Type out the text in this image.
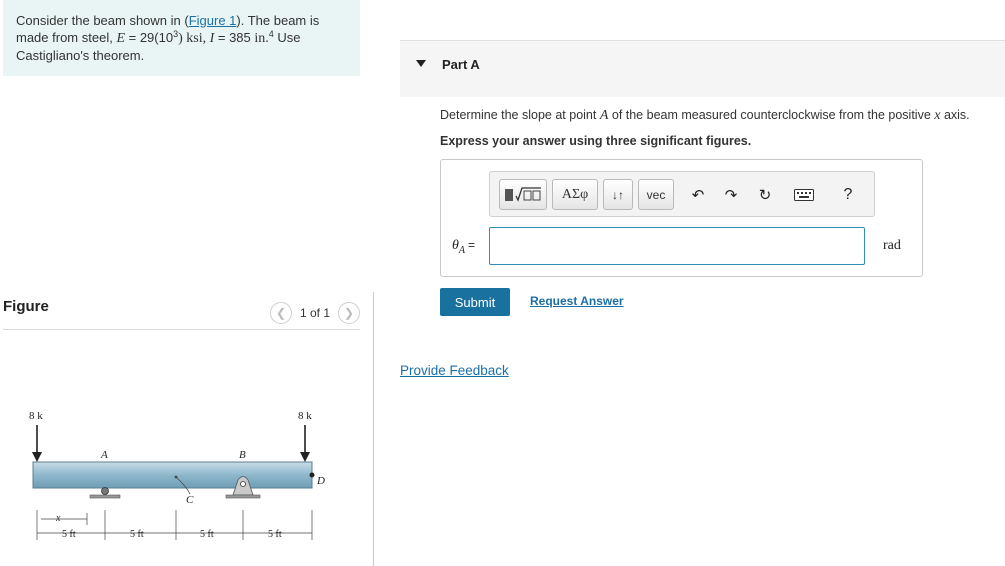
Consider the beam shown in (Figure 1). The beam is made from steel, $E = 29(10^3)$ ksi, I = 385 in.$^4$ Use Castigliano's theorem.
Figure	❮	1 of 1	❯
8 k	8 k
A	B
C
D
x
5 ft	5 ft	5 ft	5 ft
Part A
Determine the slope at point A of the beam measured counterclockwise from the positive x axis.
Express your answer using three significant figures.
ΑΣφ	↓↑	vec	↶ ↷ ↻	?
$\theta_A$ =	rad
Submit	Request Answer
Provide Feedback
